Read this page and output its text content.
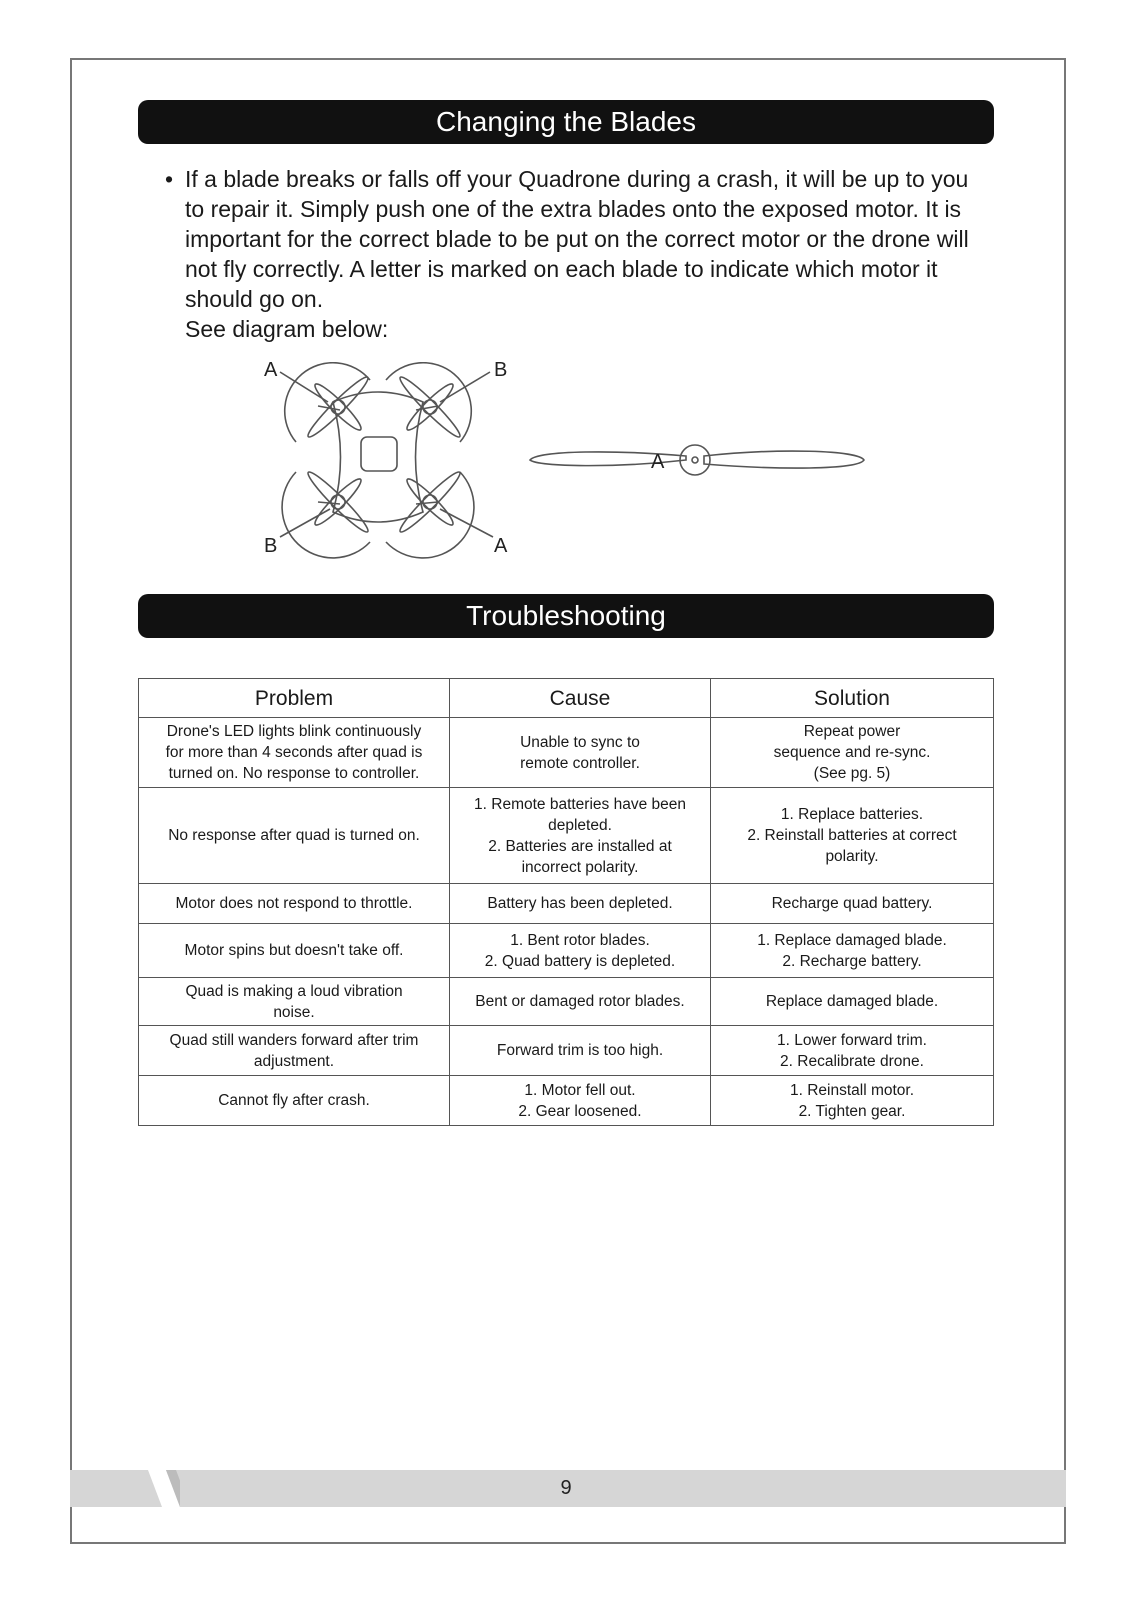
Changing the Blades
• If a blade breaks or falls off your Quadrone during a crash, it will be up to you to repair it. Simply push one of the extra blades onto the exposed motor. It is important for the correct blade to be put on the correct motor or the drone will not fly correctly. A letter is marked on each blade to indicate which motor it should go on.
See diagram below:
A	B
B	A
A
Troubleshooting
Problem	Cause	Solution

Drone's LED lights blink continuously
for more than 4 seconds after quad is
turned on. No response to controller.	Unable to sync to
remote controller.	Repeat power
sequence and re-sync.
(See pg. 5)

No response after quad is turned on.	1. Remote batteries have been
depleted.
2. Batteries are installed at
incorrect polarity.	1. Replace batteries.
2. Reinstall batteries at correct
polarity.

Motor does not respond to throttle.	Battery has been depleted.	Recharge quad battery.

Motor spins but doesn't take off.	1. Bent rotor blades.
2. Quad battery is depleted.	1. Replace damaged blade.
2. Recharge battery.

Quad is making a loud vibration
noise.	Bent or damaged rotor blades.	Replace damaged blade.

Quad still wanders forward after trim
adjustment.	Forward trim is too high.	1. Lower forward trim.
2. Recalibrate drone.

Cannot fly after crash.	1. Motor fell out.
2. Gear loosened.	1. Reinstall motor.
2. Tighten gear.
9
